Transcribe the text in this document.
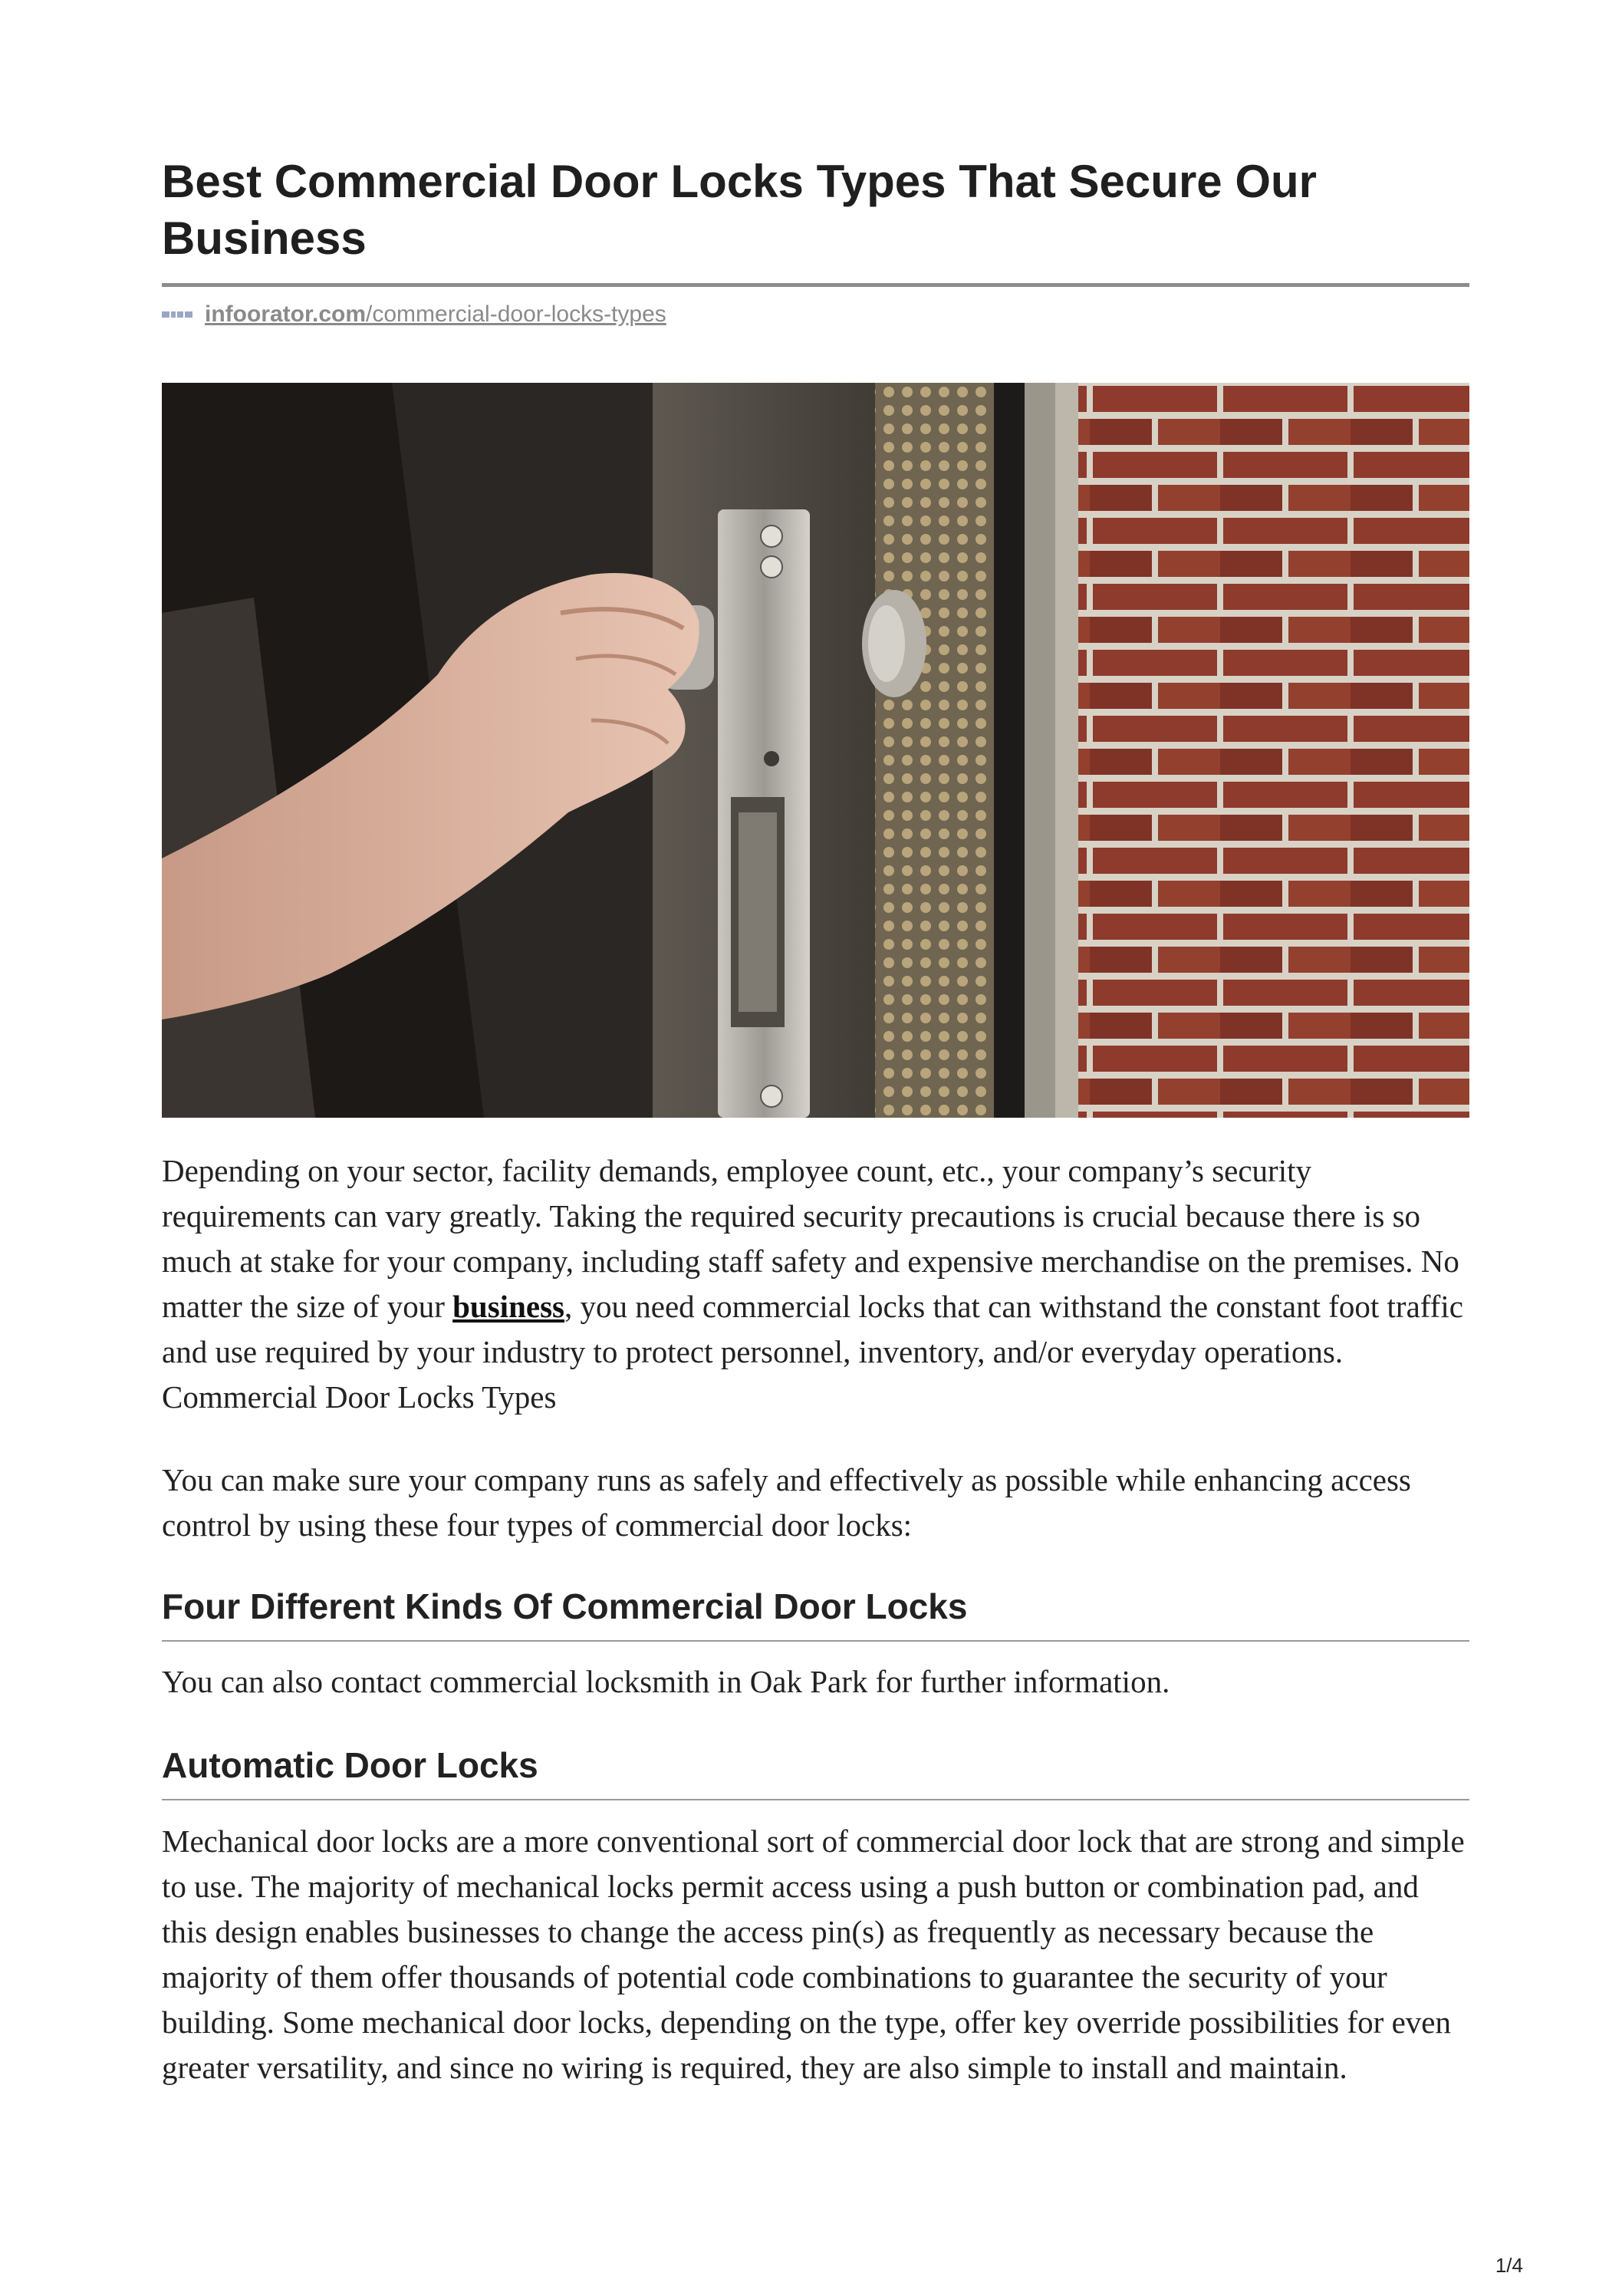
Best Commercial Door Locks Types That Secure Our Business
infoorator.com /commercial-door-locks-types

Depending on your sector, facility demands, employee count, etc., your company’s security requirements can vary greatly. Taking the required security precautions is crucial because there is so much at stake for your company, including staff safety and expensive merchandise on the premises. No matter the size of your business, you need commercial locks that can withstand the constant foot traffic and use required by your industry to protect personnel, inventory, and/or everyday operations. Commercial Door Locks Types

You can make sure your company runs as safely and effectively as possible while enhancing access control by using these four types of commercial door locks:

Four Different Kinds Of Commercial Door Locks

You can also contact commercial locksmith in Oak Park for further information.

Automatic Door Locks

Mechanical door locks are a more conventional sort of commercial door lock that are strong and simple to use. The majority of mechanical locks permit access using a push button or combination pad, and this design enables businesses to change the access pin(s) as frequently as necessary because the majority of them offer thousands of potential code combinations to guarantee the security of your building. Some mechanical door locks, depending on the type, offer key override possibilities for even greater versatility, and since no wiring is required, they are also simple to install and maintain.

1/4
